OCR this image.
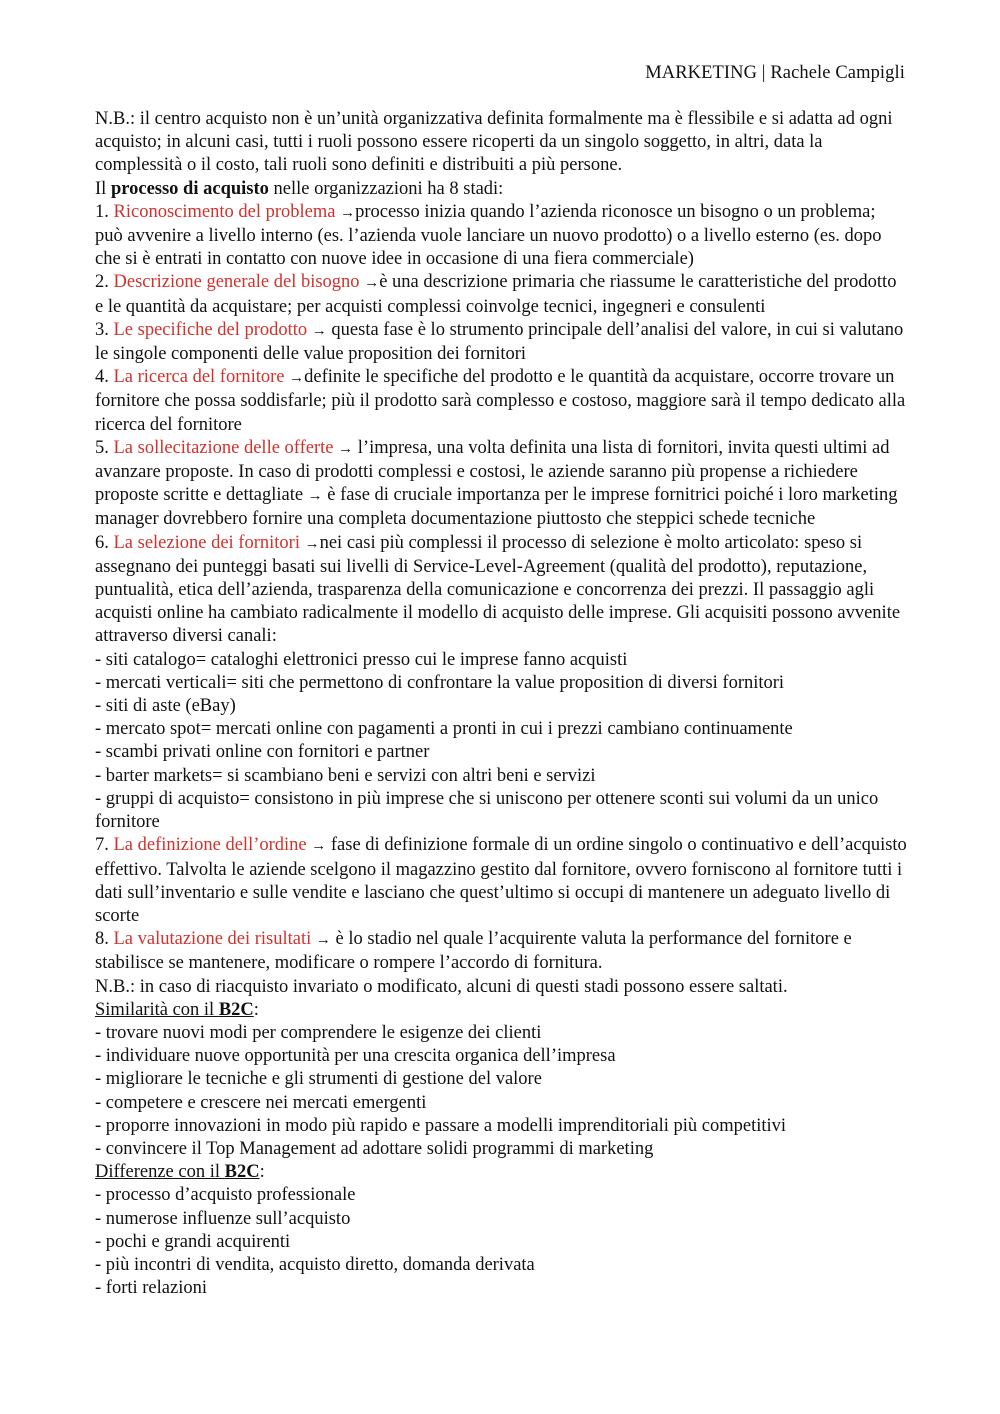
MARKETING | Rachele Campigli

N.B.: il centro acquisto non è un’unità organizzativa definita formalmente ma è flessibile e si adatta ad ogni acquisto; in alcuni casi, tutti i ruoli possono essere ricoperti da un singolo soggetto, in altri, data la complessità o il costo, tali ruoli sono definiti e distribuiti a più persone.

Il processo di acquisto nelle organizzazioni ha 8 stadi:

1. Riconoscimento del problema →processo inizia quando l’azienda riconosce un bisogno o un problema; può avvenire a livello interno (es. l’azienda vuole lanciare un nuovo prodotto) o a livello esterno (es. dopo che si è entrati in contatto con nuove idee in occasione di una fiera commerciale)

2. Descrizione generale del bisogno →è una descrizione primaria che riassume le caratteristiche del prodotto e le quantità da acquistare; per acquisti complessi coinvolge tecnici, ingegneri e consulenti

3. Le specifiche del prodotto → questa fase è lo strumento principale dell’analisi del valore, in cui si valutano le singole componenti delle value proposition dei fornitori

4. La ricerca del fornitore →definite le specifiche del prodotto e le quantità da acquistare, occorre trovare un fornitore che possa soddisfarle; più il prodotto sarà complesso e costoso, maggiore sarà il tempo dedicato alla ricerca del fornitore

5. La sollecitazione delle offerte → l’impresa, una volta definita una lista di fornitori, invita questi ultimi ad avanzare proposte. In caso di prodotti complessi e costosi, le aziende saranno più propense a richiedere proposte scritte e dettagliate → è fase di cruciale importanza per le imprese fornitrici poiché i loro marketing manager dovrebbero fornire una completa documentazione piuttosto che steppici schede tecniche

6. La selezione dei fornitori →nei casi più complessi il processo di selezione è molto articolato: speso si assegnano dei punteggi basati sui livelli di Service-Level-Agreement (qualità del prodotto), reputazione, puntualità, etica dell’azienda, trasparenza della comunicazione e concorrenza dei prezzi. Il passaggio agli acquisti online ha cambiato radicalmente il modello di acquisto delle imprese. Gli acquisiti possono avvenite attraverso diversi canali:

- siti catalogo= cataloghi elettronici presso cui le imprese fanno acquisti

- mercati verticali= siti che permettono di confrontare la value proposition di diversi fornitori

- siti di aste (eBay)

- mercato spot= mercati online con pagamenti a pronti in cui i prezzi cambiano continuamente

- scambi privati online con fornitori e partner

- barter markets= si scambiano beni e servizi con altri beni e servizi

- gruppi di acquisto= consistono in più imprese che si uniscono per ottenere sconti sui volumi da un unico fornitore

7. La definizione dell’ordine → fase di definizione formale di un ordine singolo o continuativo e dell’acquisto effettivo. Talvolta le aziende scelgono il magazzino gestito dal fornitore, ovvero forniscono al fornitore tutti i dati sull’inventario e sulle vendite e lasciano che quest’ultimo si occupi di mantenere un adeguato livello di scorte

8. La valutazione dei risultati → è lo stadio nel quale l’acquirente valuta la performance del fornitore e stabilisce se mantenere, modificare o rompere l’accordo di fornitura.

N.B.: in caso di riacquisto invariato o modificato, alcuni di questi stadi possono essere saltati.

Similarità con il B2C:

- trovare nuovi modi per comprendere le esigenze dei clienti

- individuare nuove opportunità per una crescita organica dell’impresa

- migliorare le tecniche e gli strumenti di gestione del valore

- competere e crescere nei mercati emergenti

- proporre innovazioni in modo più rapido e passare a modelli imprenditoriali più competitivi

- convincere il Top Management ad adottare solidi programmi di marketing

Differenze con il B2C:

- processo d’acquisto professionale

- numerose influenze sull’acquisto

- pochi e grandi acquirenti

- più incontri di vendita, acquisto diretto, domanda derivata

- forti relazioni
